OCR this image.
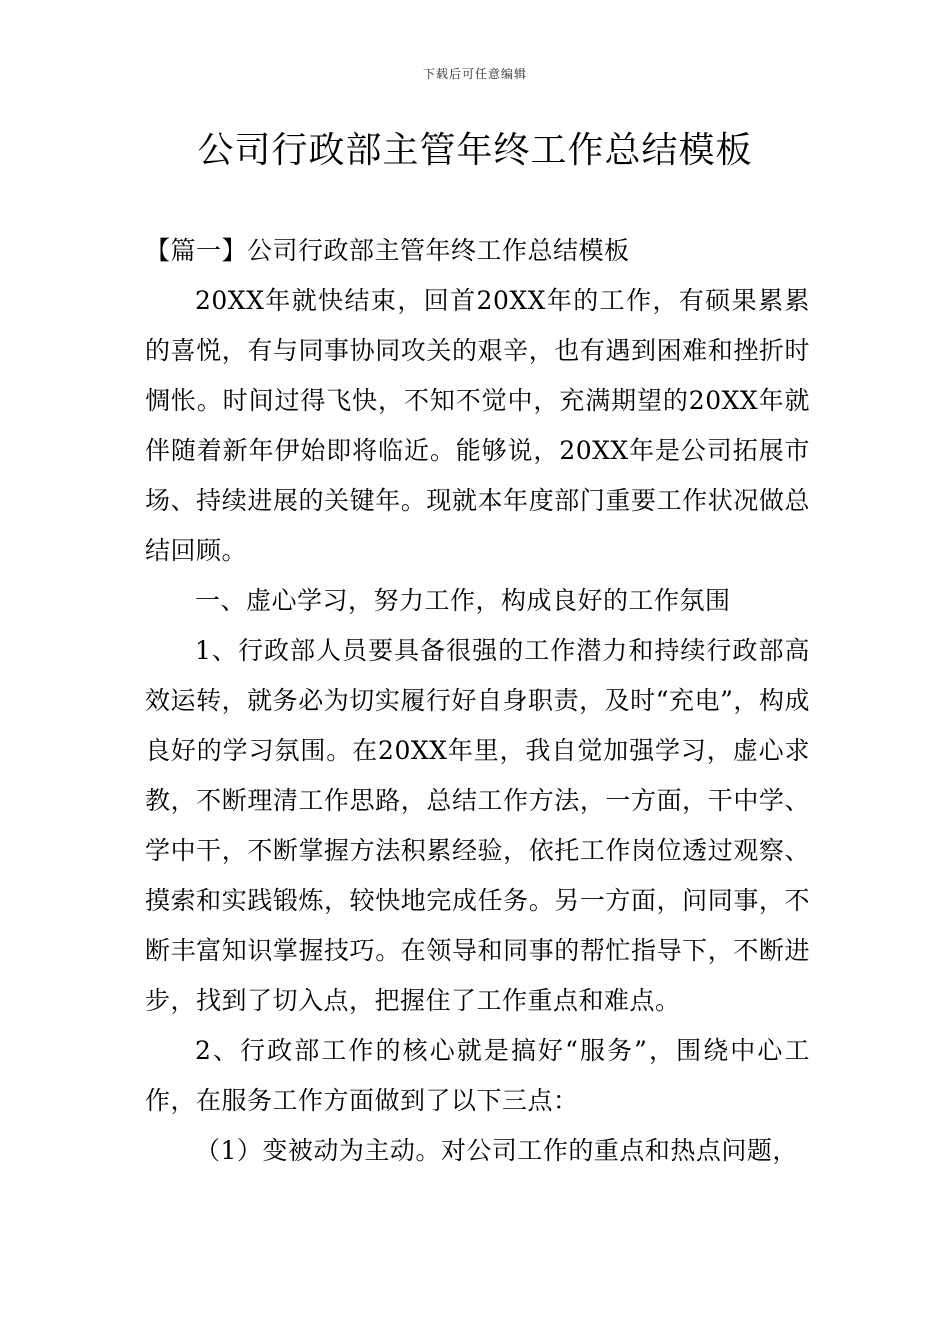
下载后可任意编辑
公司行政部主管年终工作总结模板

【篇一】公司行政部主管年终工作总结模板

20XX年就快结束，回首20XX年的工作，有硕果累累的喜悦，有与同事协同攻关的艰辛，也有遇到困难和挫折时惆怅。时间过得飞快，不知不觉中，充满期望的20XX年就伴随着新年伊始即将临近。能够说，20XX年是公司拓展市场、持续进展的关键年。现就本年度部门重要工作状况做总结回顾。

一、虚心学习，努力工作，构成良好的工作氛围

1、行政部人员要具备很强的工作潜力和持续行政部高效运转，就务必为切实履行好自身职责，及时“充电”，构成良好的学习氛围。在20XX年里，我自觉加强学习，虚心求教，不断理清工作思路，总结工作方法，一方面，干中学、学中干，不断掌握方法积累经验，依托工作岗位透过观察、摸索和实践锻炼，较快地完成任务。另一方面，问同事，不断丰富知识掌握技巧。在领导和同事的帮忙指导下，不断进步，找到了切入点，把握住了工作重点和难点。

2、行政部工作的核心就是搞好“服务”，围绕中心工作，在服务工作方面做到了以下三点：

（1）变被动为主动。对公司工作的重点和热点问题，
